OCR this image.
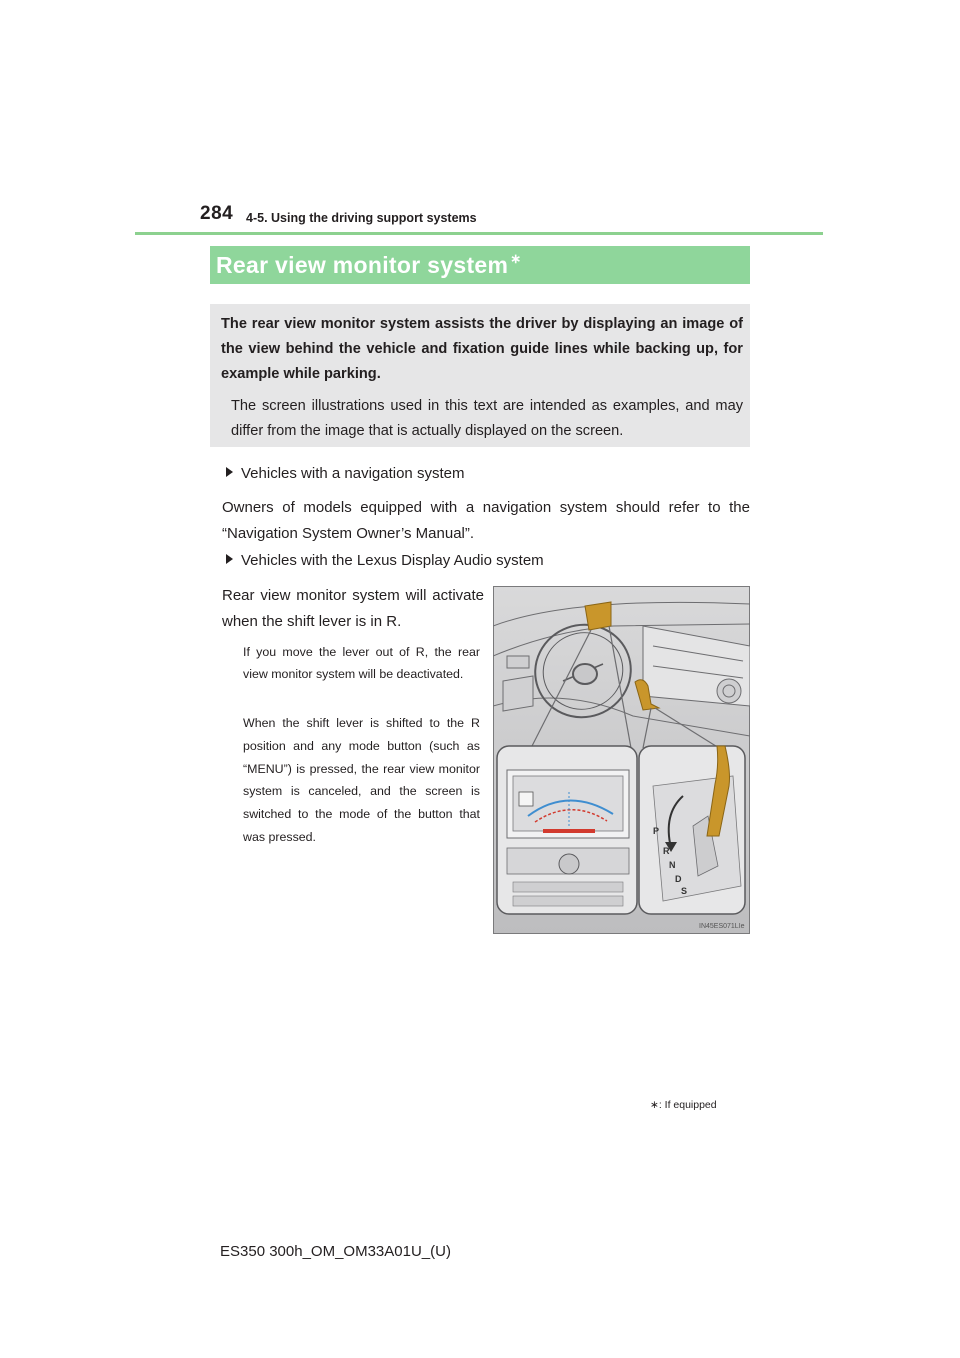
284 4-5. Using the driving support systems
Rear view monitor system ∗
The rear view monitor system assists the driver by displaying an image of the view behind the vehicle and fixation guide lines while backing up, for example while parking.
The screen illustrations used in this text are intended as examples, and may differ from the image that is actually displayed on the screen.
Vehicles with a navigation system
Owners of models equipped with a navigation system should refer to the “Navigation System Owner’s Manual”.
Vehicles with the Lexus Display Audio system
Rear view monitor system will activate when the shift lever is in R.
If you move the lever out of R, the rear view monitor system will be deactivated.
When the shift lever is shifted to the R position and any mode button (such as “MENU”) is pressed, the rear view monitor system is canceled, and the screen is switched to the mode of the button that was pressed.	P
R
N
D
S
IN45ES071LIe
∗: If equipped
ES350 300h_OM_OM33A01U_(U)
